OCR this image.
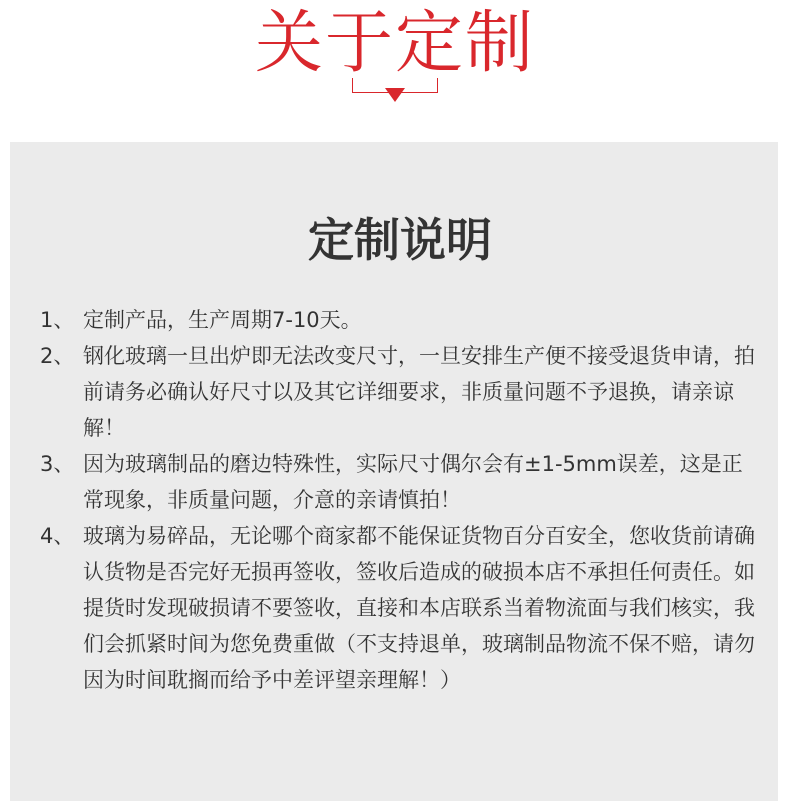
关于定制
定制说明
1、 定制产品，生产周期7-10天。
2、 钢化玻璃一旦出炉即无法改变尺寸，一旦安排生产便不接受退货申请，拍前请务必确认好尺寸以及其它详细要求，非质量问题不予退换，请亲谅解！
3、 因为玻璃制品的磨边特殊性，实际尺寸偶尔会有±1-5mm误差，这是正常现象，非质量问题，介意的亲请慎拍！
4、 玻璃为易碎品，无论哪个商家都不能保证货物百分百安全，您收货前请确认货物是否完好无损再签收，签收后造成的破损本店不承担任何责任。如提货时发现破损请不要签收，直接和本店联系当着物流面与我们核实，我们会抓紧时间为您免费重做（不支持退单，玻璃制品物流不保不赔，请勿因为时间耽搁而给予中差评望亲理解！）
